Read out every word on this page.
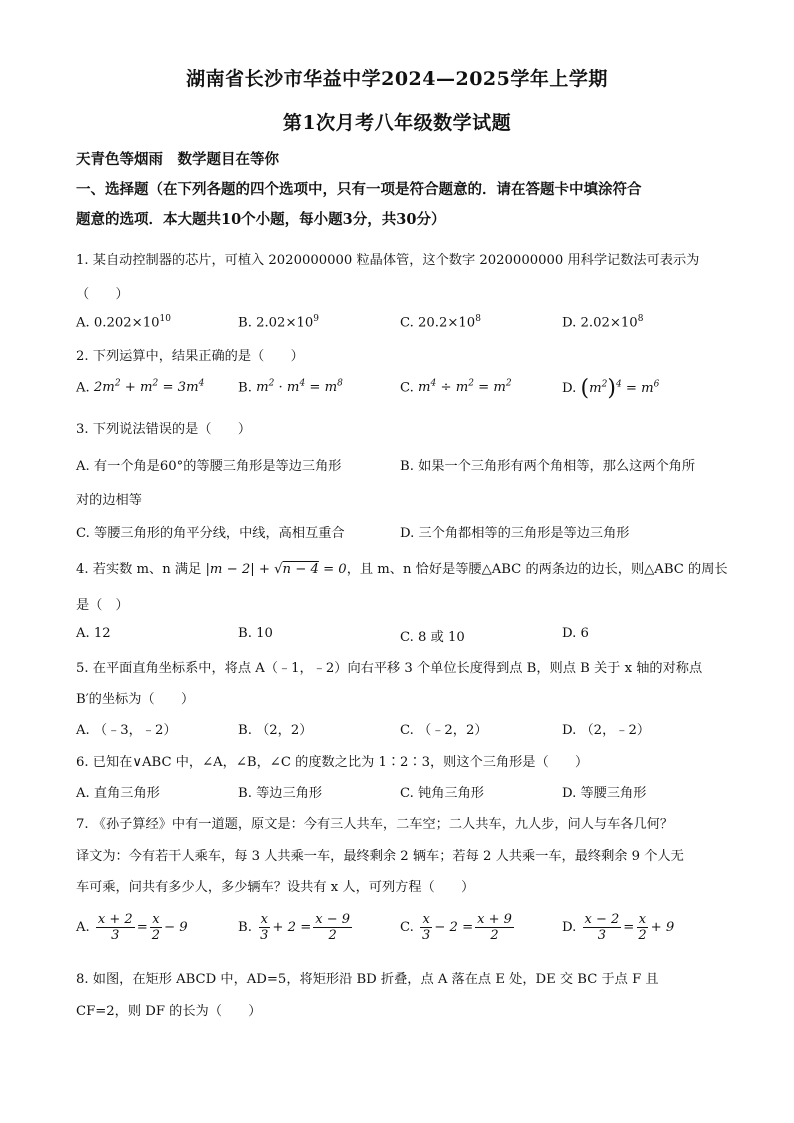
湖南省长沙市华益中学2024—2025学年上学期
第1次月考八年级数学试题
天青色等烟雨　数学题目在等你
一、选择题（在下列各题的四个选项中，只有一项是符合题意的．请在答题卡中填涂符合
题意的选项．本大题共10个小题，每小题3分，共30分）
1. 某自动控制器的芯片，可植入 2020000000 粒晶体管，这个数字 2020000000 用科学记数法可表示为
（　　）
A. $0.202\times 10^{10}$	B. $2.02\times 10^9$	C. $20.2\times 10^8$	D. $2.02\times 10^8$
2. 下列运算中，结果正确的是（　　）
A. $2m^2 + m^2 = 3m^4$	B. $m^2 \cdot m^4 = m^8$	C. $m^4 \div m^2 = m^2$	D. $(m^2)^4 = m^6$
3. 下列说法错误的是（　　）
A. 有一个角是60°的等腰三角形是等边三角形	B. 如果一个三角形有两个角相等，那么这两个角所
对的边相等
C. 等腰三角形的角平分线，中线，高相互重合	D. 三个角都相等的三角形是等边三角形
4. 若实数 m、n 满足 |m − 2| + √n − 4 = 0，且 m、n 恰好是等腰△ABC 的两条边的边长，则△ABC 的周长
是（　）
A. 12	B. 10	C. 8 或 10	D. 6
5. 在平面直角坐标系中，将点 A（﹣1，﹣2）向右平移 3 个单位长度得到点 B，则点 B 关于 x 轴的对称点
B′的坐标为（　　）
A. （﹣3，﹣2）	B. （2，2）	C. （﹣2，2）	D. （2，﹣2）
6. 已知在∨ABC 中，∠A，∠B，∠C 的度数之比为 1∶2∶3，则这个三角形是（　　）
A. 直角三角形	B. 等边三角形	C. 钝角三角形	D. 等腰三角形
7. 《孙子算经》中有一道题，原文是：今有三人共车，二车空；二人共车，九人步，问人与车各几何？
译文为：今有若干人乘车，每 3 人共乘一车，最终剩余 2 辆车；若每 2 人共乘一车，最终剩余 9 个人无
车可乘，问共有多少人，多少辆车？设共有 x 人，可列方程（　　）
A. $\frac{x + 2}{3} = \frac{x}{2} - 9$	B. $\frac{x}{3} + 2 = \frac{x - 9}{2}$	C. $\frac{x}{3} - 2 = \frac{x + 9}{2}$	D. $\frac{x - 2}{3} = \frac{x}{2} + 9$
8. 如图，在矩形 ABCD 中，AD=5，将矩形沿 BD 折叠，点 A 落在点 E 处，DE 交 BC 于点 F 且
CF=2，则 DF 的长为（　　）
